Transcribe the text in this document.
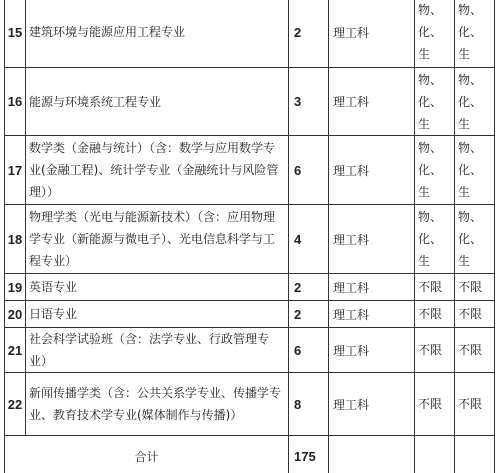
15	建筑环境与能源应用工程专业	2	理工科	物、
化、
生	物、
化、
生

16	能源与环境系统工程专业	3	理工科	物、
化、
生	物、
化、
生

17	数学类（金融与统计）（含：数学与应用数学专业(金融工程)、统计学专业（金融统计与风险管理））	6	理工科	物、
化、
生	物、
化、
生

18	物理学类（光电与能源新技术）（含：应用物理学专业（新能源与微电子）、光电信息科学与工程专业）	4	理工科	物、
化、
生	物、
化、
生

19	英语专业	2	理工科	不限	不限

20	日语专业	2	理工科	不限	不限

21	社会科学试验班（含：法学专业、行政管理专业）	6	理工科	不限	不限

22	新闻传播学类（含：公共关系学专业、传播学专业、教育技术学专业(媒体制作与传播)）	8	理工科	不限	不限

合计		175			
